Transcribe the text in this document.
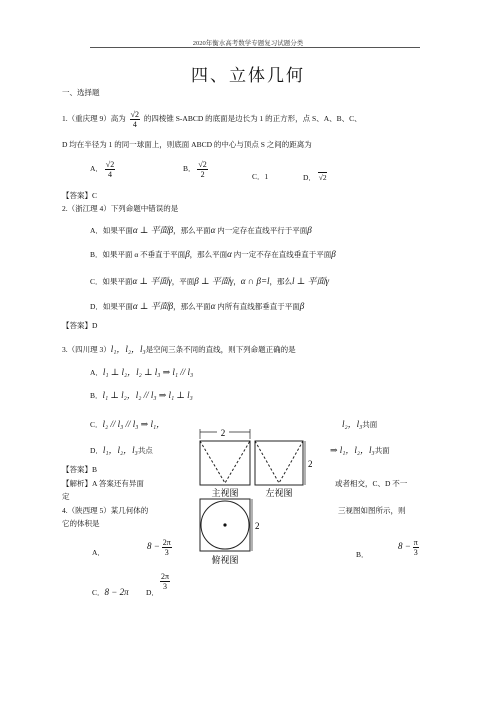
2020年衡水高考数学专题复习试题分类
四、立体几何
一、选择题
1.（重庆理 9）高为 $\frac{√2}{4}$ 的四棱锥 S-ABCD 的底面是边长为 1 的正方形，点 S、A、B、C、
D 均在半径为 1 的同一球面上，则底面 ABCD 的中心与顶点 S 之间的距离为
A． $\frac{√2}{4}$	B． $\frac{√2}{2}$	C．1	D． √2
【答案】C
2.（浙江理 4）下列命题中错误的是
A．如果平面α ⊥ 平面β，那么平面α 内一定存在直线平行于平面β
B．如果平面 α 不垂直于平面β，那么平面α 内一定不存在直线垂直于平面β
C．如果平面α ⊥ 平面γ，平面β ⊥ 平面γ，α ∩ β=l，那么l ⊥ 平面γ
D．如果平面α ⊥ 平面β，那么平面α 内所有直线都垂直于平面β
【答案】D
3.（四川理 3）l₁，l₂，l₃是空间三条不同的直线，则下列命题正确的是
A．l₁ ⊥ l₂，l₂ ⊥ l₃ ⇒ l₁ // l₃
B．l₁ ⊥ l₂，l₂ // l₃ ⇒ l₁ ⊥ l₃
C．l₂ // l₃ // l₃ ⇒ l₁，	l₂，l₃共面
D．l₁，l₂，l₃共点	⇒ l₁，l₂，l₃共面
【答案】B
【解析】A 答案还有异面	或者相交，C、D 不一
定
4.（陕西理 5）某几何体的	三视图如图所示，则
它的体积是
A．
$8 - \frac{2\pi}{3}$	B．
$8 - \frac{\pi}{3}$
C．8 − 2π D．
$\frac{2\pi}{3}$
2
2
2
主视图	左视图
俯视图
